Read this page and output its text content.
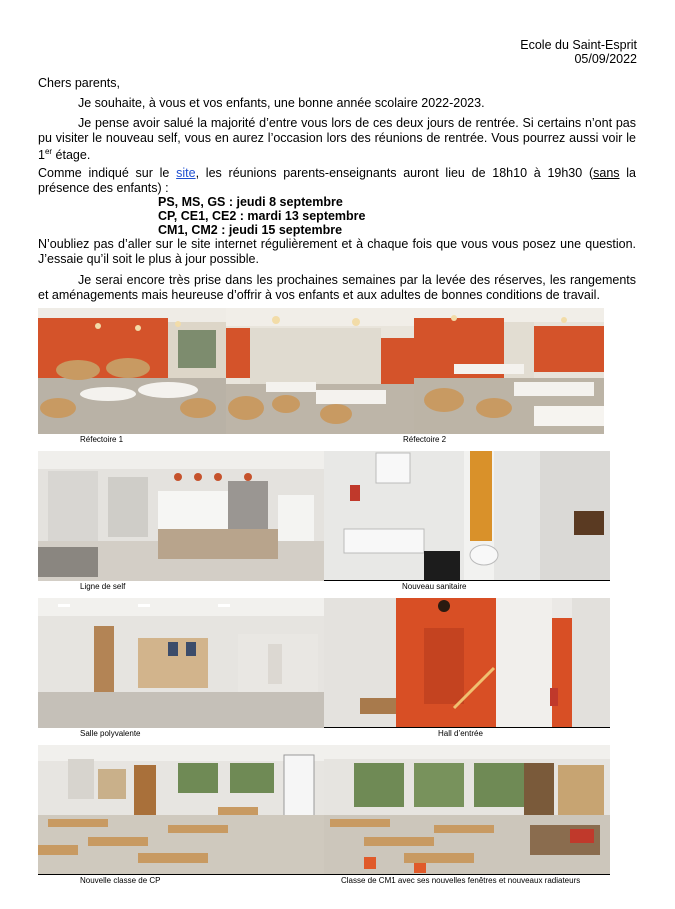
Ecole du Saint-Esprit
05/09/2022
Chers parents,
Je souhaite, à vous et vos enfants, une bonne année scolaire 2022-2023.
Je pense avoir salué la majorité d’entre vous lors de ces deux jours de rentrée. Si certains n’ont pas pu visiter le nouveau self, vous en aurez l’occasion lors des réunions de rentrée. Vous pourrez aussi voir le 1er étage.
Comme indiqué sur le site, les réunions parents-enseignants auront lieu de 18h10 à 19h30 (sans la présence des enfants) :
PS, MS, GS : jeudi 8 septembre
CP, CE1, CE2 : mardi 13 septembre
CM1, CM2 : jeudi 15 septembre
N’oubliez pas d’aller sur le site internet régulièrement et à chaque fois que vous vous posez une question. J’essaie qu’il soit le plus à jour possible.
Je serai encore très prise dans les prochaines semaines par la levée des réserves, les rangements et aménagements mais heureuse d’offrir à vos enfants et aux adultes de bonnes conditions de travail.
Réfectoire 1	Réfectoire 2
Ligne de self	Nouveau sanitaire
Salle polyvalente	Hall d’entrée
Nouvelle classe de CP	Classe de CM1 avec ses nouvelles fenêtres et nouveaux radiateurs
